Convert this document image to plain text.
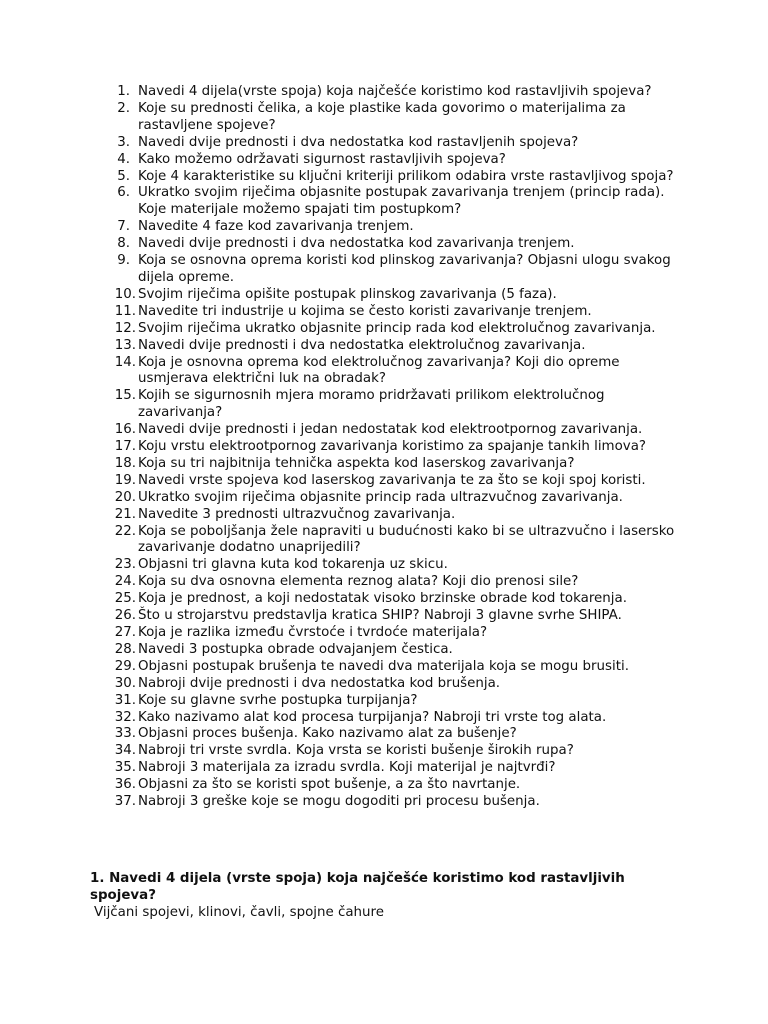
1. Navedi 4 dijela(vrste spoja) koja najčešće koristimo kod rastavljivih spojeva?
2. Koje su prednosti čelika, a koje plastike kada govorimo o materijalima za rastavljene spojeve?
3. Navedi dvije prednosti i dva nedostatka kod rastavljenih spojeva?
4. Kako možemo održavati sigurnost rastavljivih spojeva?
5. Koje 4 karakteristike su ključni kriteriji prilikom odabira vrste rastavljivog spoja?
6. Ukratko svojim riječima objasnite postupak zavarivanja trenjem (princip rada). Koje materijale možemo spajati tim postupkom?
7. Navedite 4 faze kod zavarivanja trenjem.
8. Navedi dvije prednosti i dva nedostatka kod zavarivanja trenjem.
9. Koja se osnovna oprema koristi kod plinskog zavarivanja? Objasni ulogu svakog dijela opreme.
10. Svojim riječima opišite postupak plinskog zavarivanja (5 faza).
11. Navedite tri industrije u kojima se često koristi zavarivanje trenjem.
12. Svojim riječima ukratko objasnite princip rada kod elektrolučnog zavarivanja.
13. Navedi dvije prednosti i dva nedostatka elektrolučnog zavarivanja.
14. Koja je osnovna oprema kod elektrolučnog zavarivanja? Koji dio opreme usmjerava električni luk na obradak?
15. Kojih se sigurnosnih mjera moramo pridržavati prilikom elektrolučnog zavarivanja?
16. Navedi dvije prednosti i jedan nedostatak kod elektrootpornog zavarivanja.
17. Koju vrstu elektrootpornog zavarivanja koristimo za spajanje tankih limova?
18. Koja su tri najbitnija tehnička aspekta kod laserskog zavarivanja?
19. Navedi vrste spojeva kod laserskog zavarivanja te za što se koji spoj koristi.
20. Ukratko svojim riječima objasnite princip rada ultrazvučnog zavarivanja.
21. Navedite 3 prednosti ultrazvučnog zavarivanja.
22. Koja se poboljšanja žele napraviti u budućnosti kako bi se ultrazvučno i lasersko zavarivanje dodatno unaprijedili?
23. Objasni tri glavna kuta kod tokarenja uz skicu.
24. Koja su dva osnovna elementa reznog alata? Koji dio prenosi sile?
25. Koja je prednost, a koji nedostatak visoko brzinske obrade kod tokarenja.
26. Što u strojarstvu predstavlja kratica SHIP? Nabroji 3 glavne svrhe SHIPA.
27. Koja je razlika između čvrstoće i tvrdoće materijala?
28. Navedi 3 postupka obrade odvajanjem čestica.
29. Objasni postupak brušenja te navedi dva materijala koja se mogu brusiti.
30. Nabroji dvije prednosti i dva nedostatka kod brušenja.
31. Koje su glavne svrhe postupka turpijanja?
32. Kako nazivamo alat kod procesa turpijanja? Nabroji tri vrste tog alata.
33. Objasni proces bušenja. Kako nazivamo alat za bušenje?
34. Nabroji tri vrste svrdla. Koja vrsta se koristi bušenje širokih rupa?
35. Nabroji 3 materijala za izradu svrdla. Koji materijal je najtvrđi?
36. Objasni za što se koristi spot bušenje, a za što navrtanje.
37. Nabroji 3 greške koje se mogu dogoditi pri procesu bušenja.

1. Navedi 4 dijela (vrste spoja) koja najčešće koristimo kod rastavljivih spojeva?

Vijčani spojevi, klinovi, čavli, spojne čahure
